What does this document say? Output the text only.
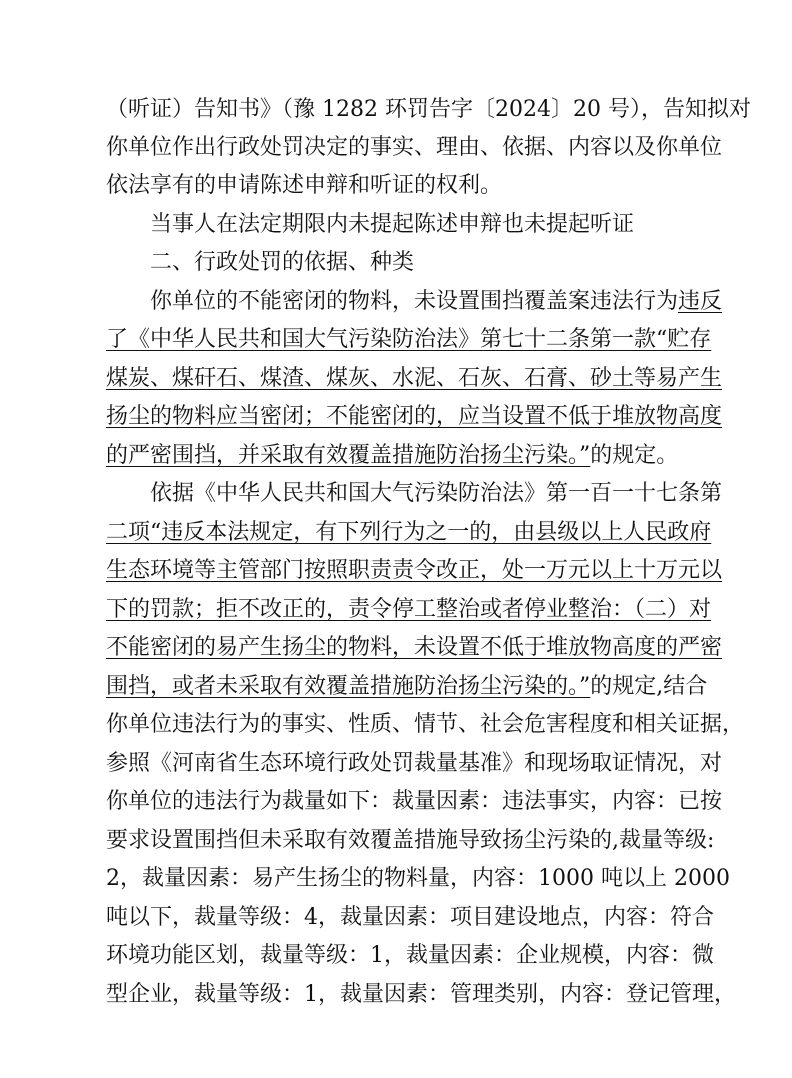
（听证）告知书》（豫 1282 环罚告字〔2024〕20 号），告知拟对
你单位作出行政处罚决定的事实、理由、依据、内容以及你单位
依法享有的申请陈述申辩和听证的权利。
当事人在法定期限内未提起陈述申辩也未提起听证
二、行政处罚的依据、种类
你单位的不能密闭的物料，未设置围挡覆盖案违法行为违反
了《中华人民共和国大气污染防治法》第七十二条第一款“贮存
煤炭、煤矸石、煤渣、煤灰、水泥、石灰、石膏、砂土等易产生
扬尘的物料应当密闭；不能密闭的，应当设置不低于堆放物高度
的严密围挡，并采取有效覆盖措施防治扬尘污染。”的规定。
依据《中华人民共和国大气污染防治法》第一百一十七条第
二项“违反本法规定，有下列行为之一的，由县级以上人民政府
生态环境等主管部门按照职责责令改正，处一万元以上十万元以
下的罚款；拒不改正的，责令停工整治或者停业整治：（二）对
不能密闭的易产生扬尘的物料，未设置不低于堆放物高度的严密
围挡，或者未采取有效覆盖措施防治扬尘污染的。”的规定,结合
你单位违法行为的事实、性质、情节、社会危害程度和相关证据，
参照《河南省生态环境行政处罚裁量基准》和现场取证情况，对
你单位的违法行为裁量如下：裁量因素：违法事实，内容：已按
要求设置围挡但未采取有效覆盖措施导致扬尘污染的,裁量等级:
2，裁量因素：易产生扬尘的物料量，内容：1000 吨以上 2000
吨以下，裁量等级：4，裁量因素：项目建设地点，内容：符合
环境功能区划，裁量等级：1，裁量因素：企业规模，内容：微
型企业，裁量等级：1，裁量因素：管理类别，内容：登记管理，
